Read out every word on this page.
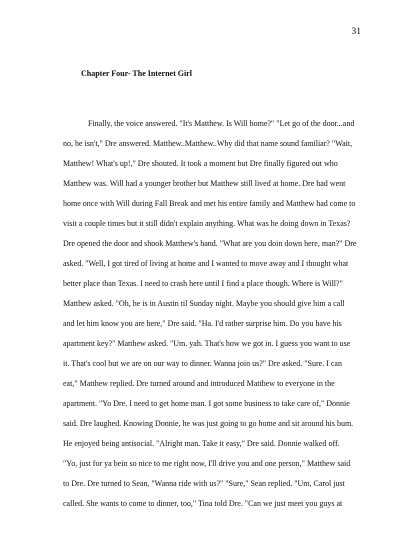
31
Chapter Four- The Internet Girl
Finally, the voice answered. "It's Matthew. Is Will home?" "Let go of the door...and
no, he isn't," Dre answered. Matthew..Matthew..Why did that name sound familiar? "Wait,
Matthew! What's up!," Dre shouted. It took a moment but Dre finally figured out who
Matthew was. Will had a younger brother but Matthew still lived at home. Dre had went
home once with Will during Fall Break and met his entire family and Matthew had come to
visit a couple times but it still didn't explain anything. What was he doing down in Texas?
Dre opened the door and shook Matthew's hand. "What are you doin down here, man?" Dre
asked. "Well, I got tired of living at home and I wanted to move away and I thought what
better place than Texas. I need to crash here until I find a place though. Where is Will?"
Matthew asked. "Oh, he is in Austin til Sunday night. Maybe you should give him a call
and let him know you are here," Dre said. "Ha. I'd rather surprise him. Do you have his
apartment key?" Matthew asked. "Um. yah. That's how we got in. I guess you want to use
it. That's cool but we are on our way to dinner. Wanna join us?" Dre asked. "Sure. I can
eat," Matthew replied. Dre turned around and introduced Matthew to everyone in the
apartment. "Yo Dre. I need to get home man. I got some business to take care of," Donnie
said. Dre laughed. Knowing Donnie, he was just going to go home and sit around his bum.
He enjoyed being antisocial. "Alright man. Take it easy," Dre said. Donnie walked off.
"Yo, just for ya bein so nice to me right now, I'll drive you and one person," Matthew said
to Dre. Dre turned to Sean, "Wanna ride with us?" "Sure," Sean replied. "Um, Carol just
called. She wants to come to dinner, too," Tina told Dre. "Can we just meet you guys at
